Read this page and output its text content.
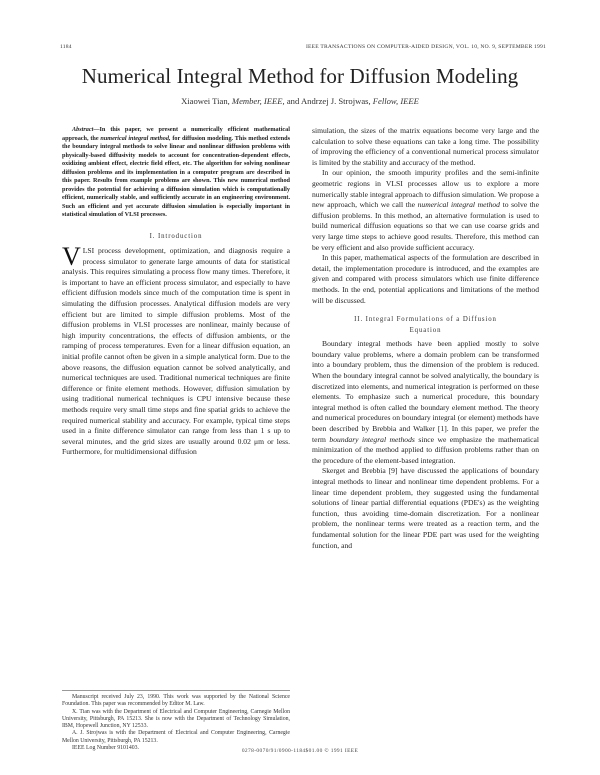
1184	IEEE TRANSACTIONS ON COMPUTER-AIDED DESIGN, VOL. 10, NO. 9, SEPTEMBER 1991
Numerical Integral Method for Diffusion Modeling
Xiaowei Tian, Member, IEEE, and Andrzej J. Strojwas, Fellow, IEEE

Abstract—In this paper, we present a numerically efficient mathematical approach, the numerical integral method, for diffusion modeling. This method extends the boundary integral methods to solve linear and nonlinear diffusion problems with physically-based diffusivity models to account for concentration-dependent effects, oxidizing ambient effect, electric field effect, etc. The algorithm for solving nonlinear diffusion problems and its implementation in a computer program are described in this paper. Results from example problems are shown. This new numerical method provides the potential for achieving a diffusion simulation which is computationally efficient, numerically stable, and sufficiently accurate in an engineering environment. Such an efficient and yet accurate diffusion simulation is especially important in statistical simulation of VLSI processes.

I. Introduction

VLSI process development, optimization, and diagnosis require a process simulator to generate large amounts of data for statistical analysis. This requires simulating a process flow many times. Therefore, it is important to have an efficient process simulator, and especially to have efficient diffusion models since much of the computation time is spent in simulating the diffusion processes. Analytical diffusion models are very efficient but are limited to simple diffusion problems. Most of the diffusion problems in VLSI processes are nonlinear, mainly because of high impurity concentrations, the effects of diffusion ambients, or the ramping of process temperatures. Even for a linear diffusion equation, an initial profile cannot often be given in a simple analytical form. Due to the above reasons, the diffusion equation cannot be solved analytically, and numerical techniques are used. Traditional numerical techniques are finite difference or finite element methods. However, diffusion simulation by using traditional numerical techniques is CPU intensive because these methods require very small time steps and fine spatial grids to achieve the required numerical stability and accuracy. For example, typical time steps used in a finite difference simulator can range from less than 1 s up to several minutes, and the grid sizes are usually around 0.02 μm or less. Furthermore, for multidimensional diffusion

simulation, the sizes of the matrix equations become very large and the calculation to solve these equations can take a long time. The possibility of improving the efficiency of a conventional numerical process simulator is limited by the stability and accuracy of the method.

In our opinion, the smooth impurity profiles and the semi-infinite geometric regions in VLSI processes allow us to explore a more numerically stable integral approach to diffusion simulation. We propose a new approach, which we call the numerical integral method to solve the diffusion problems. In this method, an alternative formulation is used to build numerical diffusion equations so that we can use coarse grids and very large time steps to achieve good results. Therefore, this method can be very efficient and also provide sufficient accuracy.

In this paper, mathematical aspects of the formulation are described in detail, the implementation procedure is introduced, and the examples are given and compared with process simulators which use finite difference methods. In the end, potential applications and limitations of the method will be discussed.

II. Integral Formulations of a Diffusion
Equation

Boundary integral methods have been applied mostly to solve boundary value problems, where a domain problem can be transformed into a boundary problem, thus the dimension of the problem is reduced. When the boundary integral cannot be solved analytically, the boundary is discretized into elements, and numerical integration is performed on these elements. To emphasize such a numerical procedure, this boundary integral method is often called the boundary element method. The theory and numerical procedures on boundary integral (or element) methods have been described by Brebbia and Walker [1]. In this paper, we prefer the term boundary integral methods since we emphasize the mathematical minimization of the method applied to diffusion problems rather than on the procedure of the element-based integration.

Skerget and Brebbia [9] have discussed the applications of boundary integral methods to linear and nonlinear time dependent problems. For a linear time dependent problem, they suggested using the fundamental solutions of linear partial differential equations (PDE's) as the weighting function, thus avoiding time-domain discretization. For a nonlinear problem, the nonlinear terms were treated as a reaction term, and the fundamental solution for the linear PDE part was used for the weighting function, and

Manuscript received July 23, 1990. This work was supported by the National Science Foundation. This paper was recommended by Editor M. Law.

X. Tian was with the Department of Electrical and Computer Engineering, Carnegie Mellon University, Pittsburgh, PA 15213. She is now with the Department of Technology Simulation, IBM, Hopewell Junction, NY 12533.

A. J. Strojwas is with the Department of Electrical and Computer Engineering, Carnegie Mellon University, Pittsburgh, PA 15213.

IEEE Log Number 9101403.	0278-0070/91/0900-1184$01.00 © 1991 IEEE
